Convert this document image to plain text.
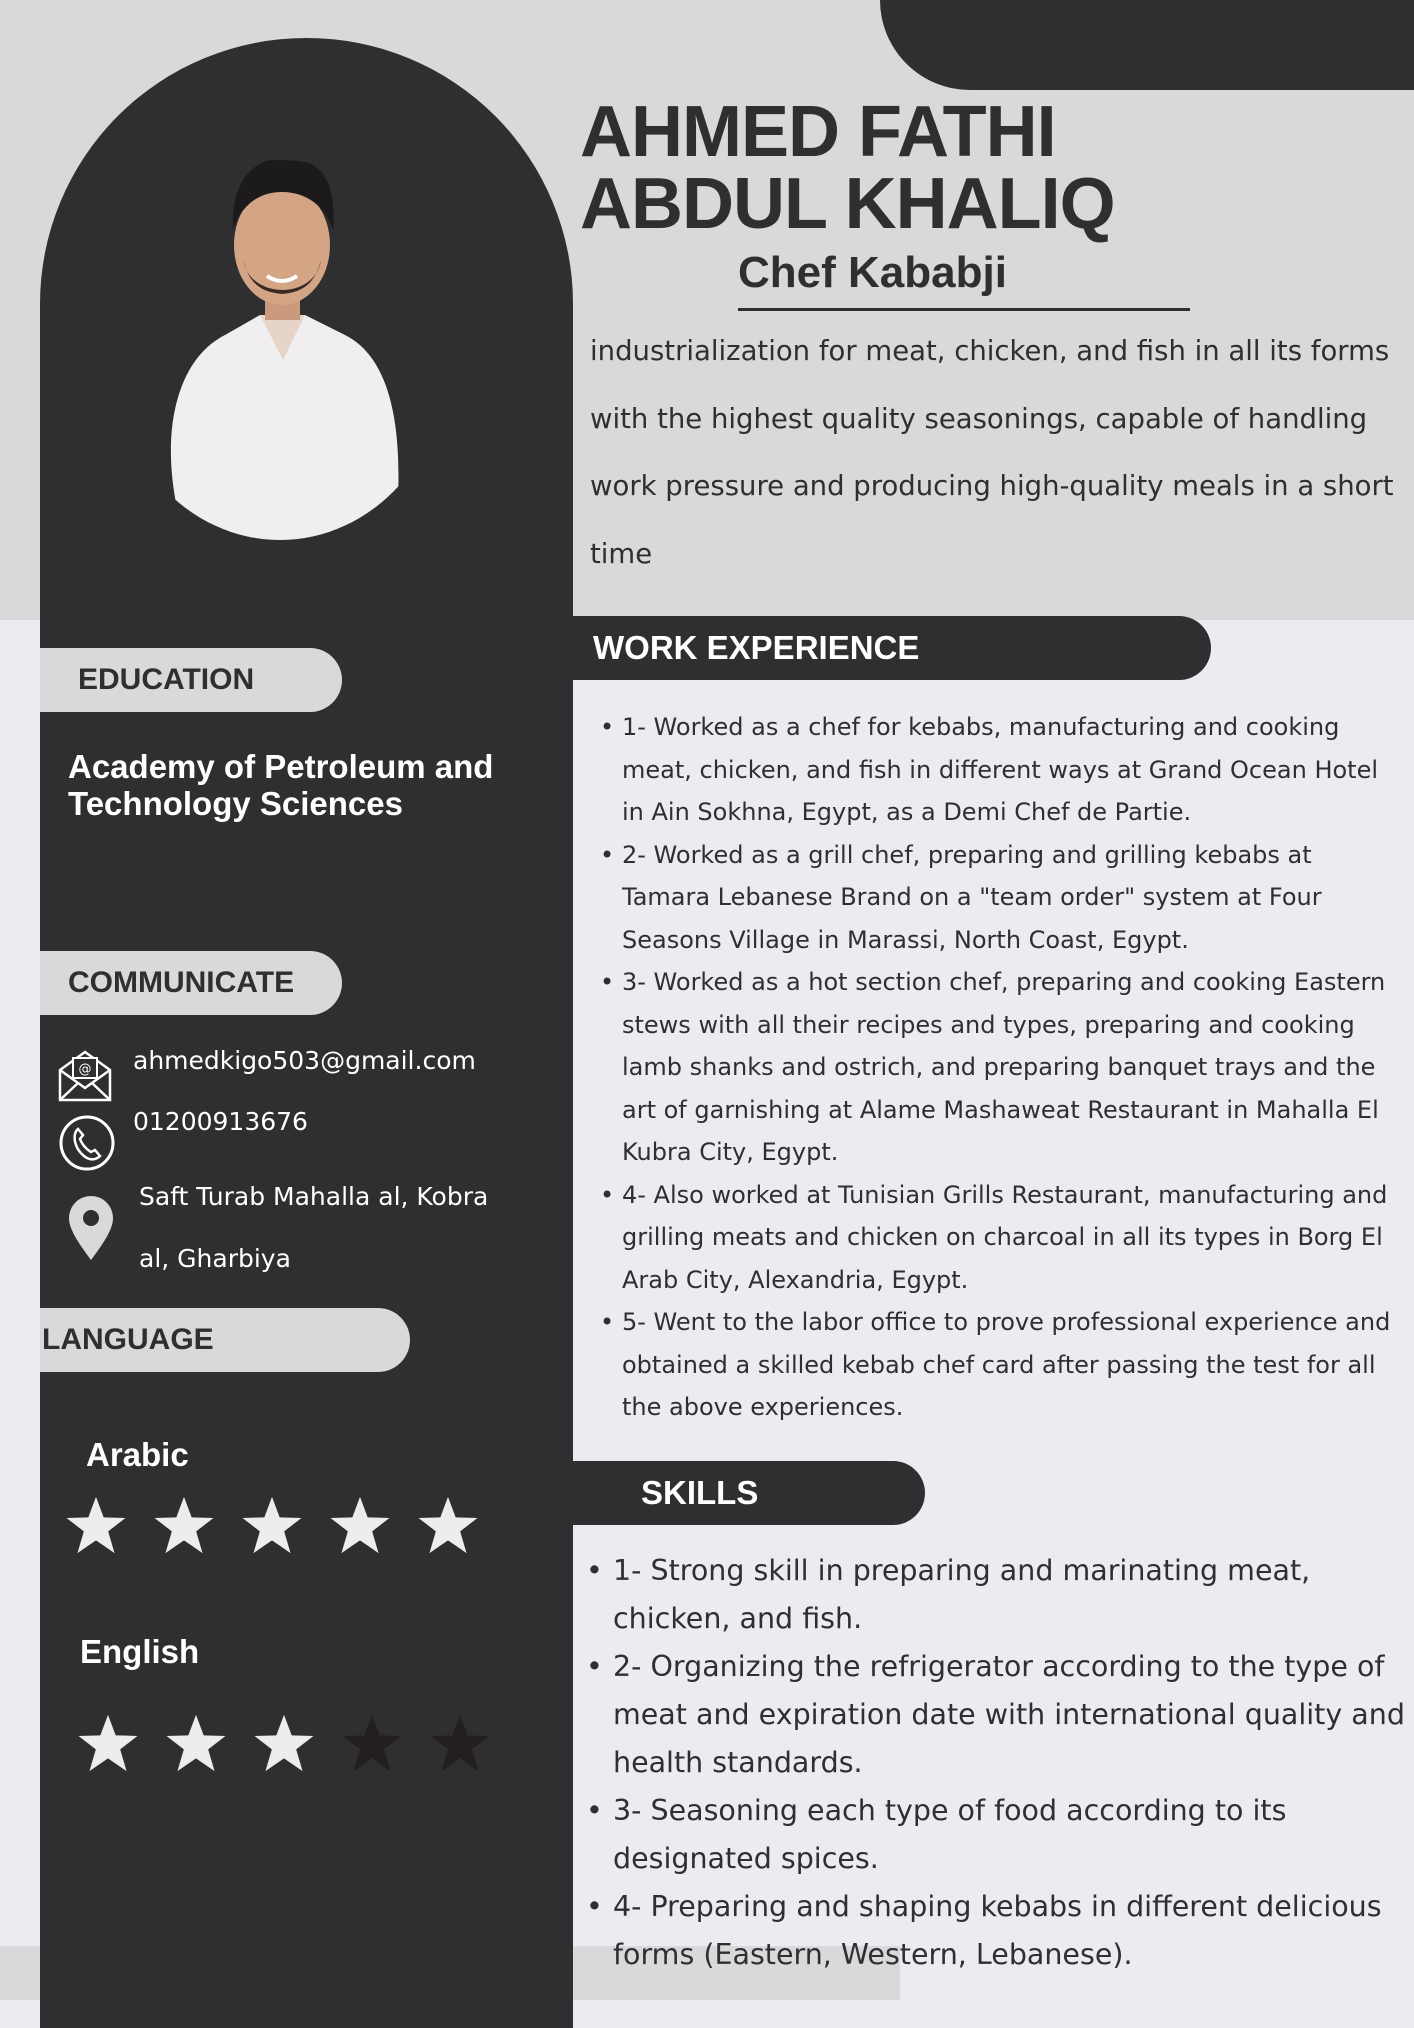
EDUCATION
Academy of Petroleum and Technology Sciences
COMMUNICATE
@ ahmedkigo503@gmail.com
01200913676
Saft Turab Mahalla al, Kobra
al, Gharbiya
LANGUAGE
Arabic
English
AHMED FATHI
ABDUL KHALIQ
Chef Kababji
industrialization for meat, chicken, and fish in all its forms with the highest quality seasonings, capable of handling work pressure and producing high-quality meals in a short time
WORK EXPERIENCE
• 1- Worked as a chef for kebabs, manufacturing and cooking meat, chicken, and fish in different ways at Grand Ocean Hotel in Ain Sokhna, Egypt, as a Demi Chef de Partie.
• 2- Worked as a grill chef, preparing and grilling kebabs at Tamara Lebanese Brand on a "team order" system at Four Seasons Village in Marassi, North Coast, Egypt.
• 3- Worked as a hot section chef, preparing and cooking Eastern stews with all their recipes and types, preparing and cooking lamb shanks and ostrich, and preparing banquet trays and the art of garnishing at Alame Mashaweat Restaurant in Mahalla El Kubra City, Egypt.
• 4- Also worked at Tunisian Grills Restaurant, manufacturing and grilling meats and chicken on charcoal in all its types in Borg El Arab City, Alexandria, Egypt.
• 5- Went to the labor office to prove professional experience and obtained a skilled kebab chef card after passing the test for all the above experiences.
SKILLS
• 1- Strong skill in preparing and marinating meat, chicken, and fish.
• 2- Organizing the refrigerator according to the type of meat and expiration date with international quality and health standards.
• 3- Seasoning each type of food according to its designated spices.
• 4- Preparing and shaping kebabs in different delicious forms (Eastern, Western, Lebanese).
